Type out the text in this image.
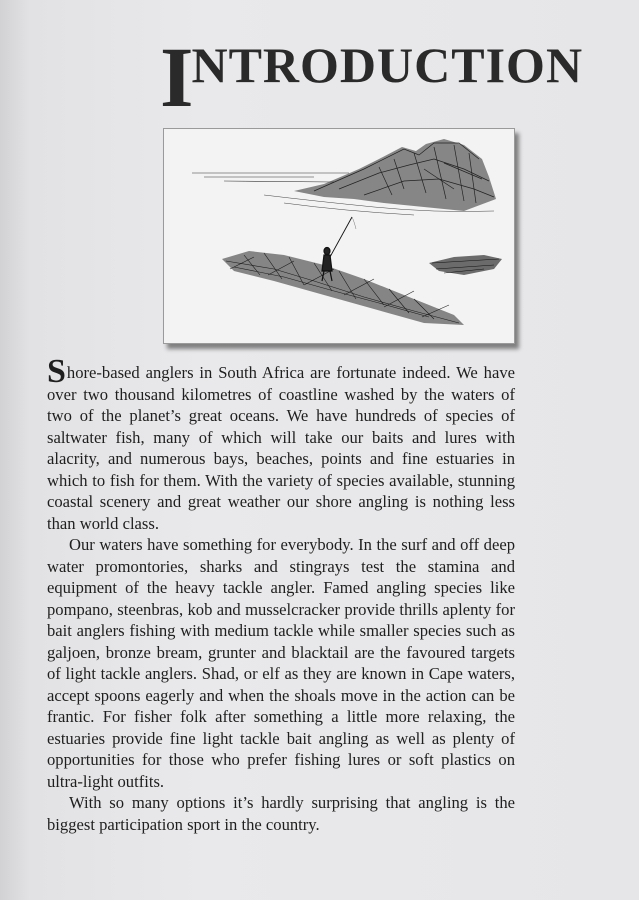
INTRODUCTION

Shore-based anglers in South Africa are fortunate indeed. We have over two thousand kilometres of coastline washed by the waters of two of the planet’s great oceans. We have hundreds of species of saltwater fish, many of which will take our baits and lures with alacrity, and numerous bays, beaches, points and fine estuaries in which to fish for them. With the variety of species available, stunning coastal scenery and great weather our shore angling is nothing less than world class.

Our waters have something for everybody. In the surf and off deep water promontories, sharks and stingrays test the stamina and equipment of the heavy tackle angler. Famed angling species like pompano, steenbras, kob and musselcracker provide thrills aplenty for bait anglers fishing with medium tackle while smaller species such as galjoen, bronze bream, grunter and blacktail are the favoured targets of light tackle anglers. Shad, or elf as they are known in Cape waters, accept spoons eagerly and when the shoals move in the action can be frantic. For fisher folk after something a little more relaxing, the estuaries provide fine light tackle bait angling as well as plenty of opportunities for those who prefer fishing lures or soft plastics on ultra-light outfits.

With so many options it’s hardly surprising that angling is the biggest participation sport in the country.
